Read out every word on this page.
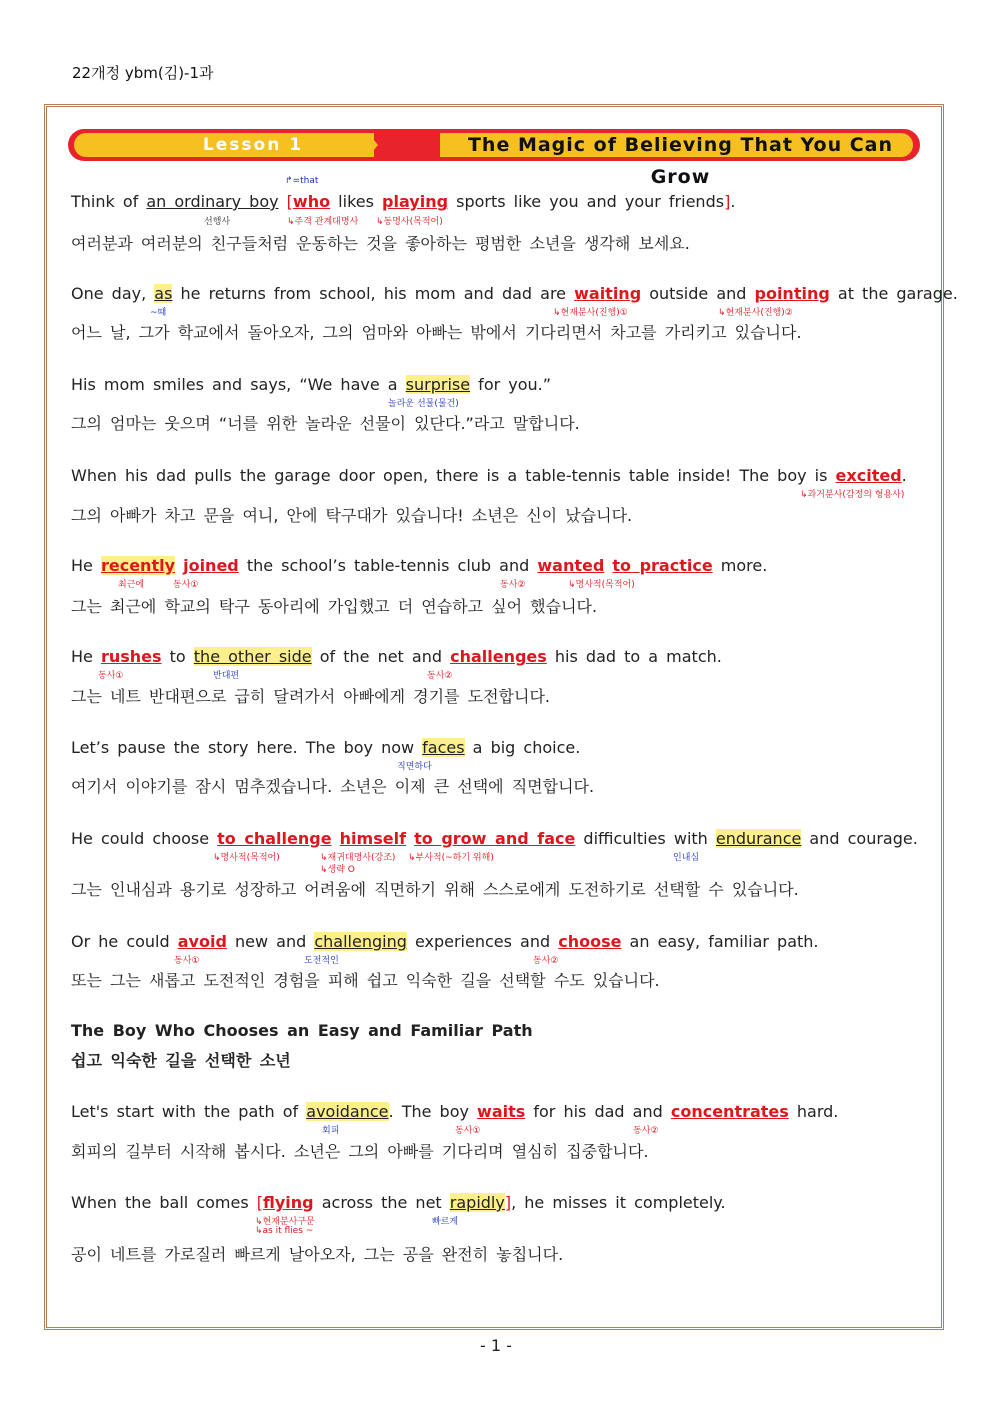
22개정 ybm(김)-1과
Lesson 1	The Magic of Believing That You Can Grow
Think of an ordinary boy [who likes playing sports like you and your friends].
↱=that
선행사	↳주격 관계대명사 ↳동명사(목적어)
여러분과 여러분의 친구들처럼 운동하는 것을 좋아하는 평범한 소년을 생각해 보세요.
One day, as he returns from school, his mom and dad are waiting outside and pointing at the garage.
~때	↳현재분사(진행)①	↳현재분사(진행)②
어느 날, 그가 학교에서 돌아오자, 그의 엄마와 아빠는 밖에서 기다리면서 차고를 가리키고 있습니다.
His mom smiles and says, “We have a surprise for you.”
놀라운 선물(물건)
그의 엄마는 웃으며 “너를 위한 놀라운 선물이 있단다.”라고 말합니다.
When his dad pulls the garage door open, there is a table-tennis table inside! The boy is excited.
↳과거분사(감정의 형용사)
그의 아빠가 차고 문을 여니, 안에 탁구대가 있습니다! 소년은 신이 났습니다.
He recently joined the school’s table-tennis club and wanted to practice more.
최근에	동사①	동사②	↳명사적(목적어)
그는 최근에 학교의 탁구 동아리에 가입했고 더 연습하고 싶어 했습니다.
He rushes to the other side of the net and challenges his dad to a match.
동사①	반대편	동사②
그는 네트 반대편으로 급히 달려가서 아빠에게 경기를 도전합니다.
Let’s pause the story here. The boy now faces a big choice.
직면하다
여기서 이야기를 잠시 멈추겠습니다. 소년은 이제 큰 선택에 직면합니다.
He could choose to challenge himself to grow and face difficulties with endurance and courage.
↳명사적(목적어)	↳재귀대명사(강조)
↳생략 O
↳부사적(~하기 위해)	인내심
그는 인내심과 용기로 성장하고 어려움에 직면하기 위해 스스로에게 도전하기로 선택할 수 있습니다.
Or he could avoid new and challenging experiences and choose an easy, familiar path.
동사①	도전적인	동사②
또는 그는 새롭고 도전적인 경험을 피해 쉽고 익숙한 길을 선택할 수도 있습니다.
The Boy Who Chooses an Easy and Familiar Path
쉽고 익숙한 길을 선택한 소년
Let's start with the path of avoidance. The boy waits for his dad and concentrates hard.
회피	동사①	동사②
회피의 길부터 시작해 봅시다. 소년은 그의 아빠를 기다리며 열심히 집중합니다.
When the ball comes [flying across the net rapidly], he misses it completely.
↳현재분사구문
↳as it flies ~
빠르게
공이 네트를 가로질러 빠르게 날아오자, 그는 공을 완전히 놓칩니다.
- 1 -
